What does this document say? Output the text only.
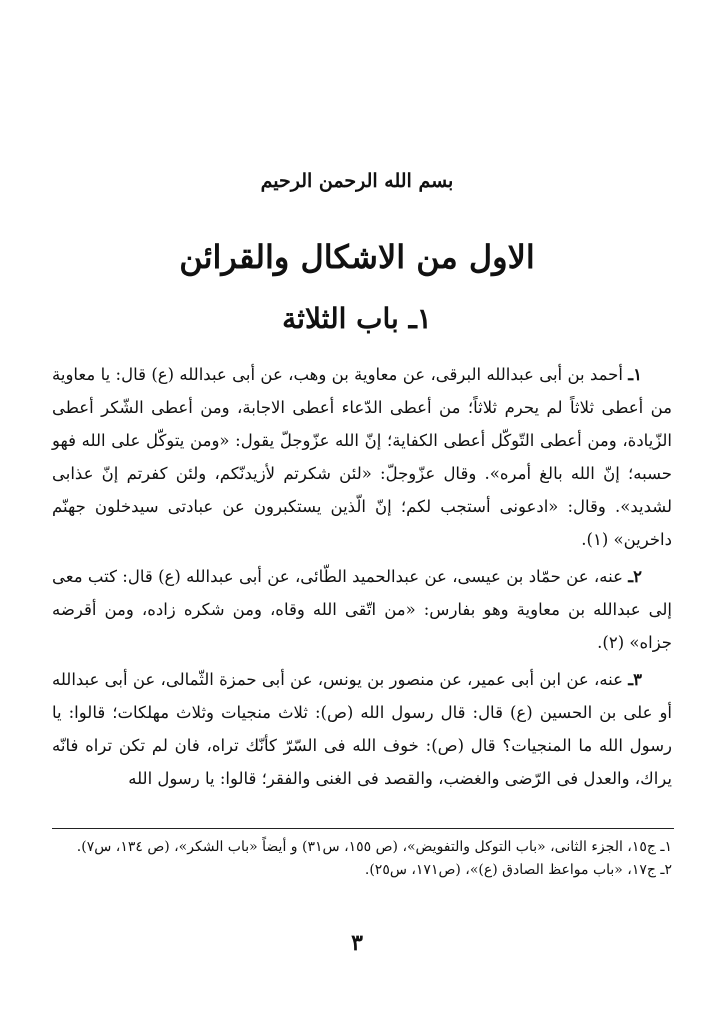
بسم الله الرحمن الرحيم
الاول من الاشكال والقرائن
١ـ باب الثلاثة

١ـ أحمد بن أبى عبدالله البرقى، عن معاوية بن وهب، عن أبى عبدالله (ع) قال: يا معاوية من أعطى ثلاثاً لم يحرم ثلاثاً؛ من أعطى الدّعاء أعطى الاجابة، ومن أعطى الشّكر أعطى الزّيادة، ومن أعطى التّوكّل أعطى الكفاية؛ إنّ الله عزّوجلّ يقول: «ومن يتوكّل على الله فهو حسبه؛ إنّ الله بالغ أمره». وقال عزّوجلّ: «لئن شكرتم لأزيدنّكم، ولئن كفرتم إنّ عذابى لشديد». وقال: «ادعونى أستجب لكم؛ إنّ الّذين يستكبرون عن عبادتى سيدخلون جهنّم داخرين» (١).

٢ـ عنه، عن حمّاد بن عيسى، عن عبدالحميد الطّائى، عن أبى عبدالله (ع) قال: كتب معى إلى عبدالله بن معاوية وهو بفارس: «من اتّقى الله وقاه، ومن شكره زاده، ومن أقرضه جزاه» (٢).

٣ـ عنه، عن ابن أبى عمير، عن منصور بن يونس، عن أبى حمزة الثّمالى، عن أبى عبدالله أو على بن الحسين (ع) قال: قال رسول الله (ص): ثلاث منجيات وثلاث مهلكات؛ قالوا: يا رسول الله ما المنجيات؟ قال (ص): خوف الله فى السّرّ كأنّك تراه، فان لم تكن تراه فانّه يراك، والعدل فى الرّضى والغضب، والقصد فى الغنى والفقر؛ قالوا: يا رسول الله

١ـ ج١٥، الجزء الثانى، «باب التوكل والتفويض»، (ص ١٥٥، س٣١) و أيضاً «باب الشكر»، (ص ١٣٤، س٧).
٢ـ ج١٧، «باب مواعظ الصادق (ع)»، (ص١٧١، س٢٥).
٣
